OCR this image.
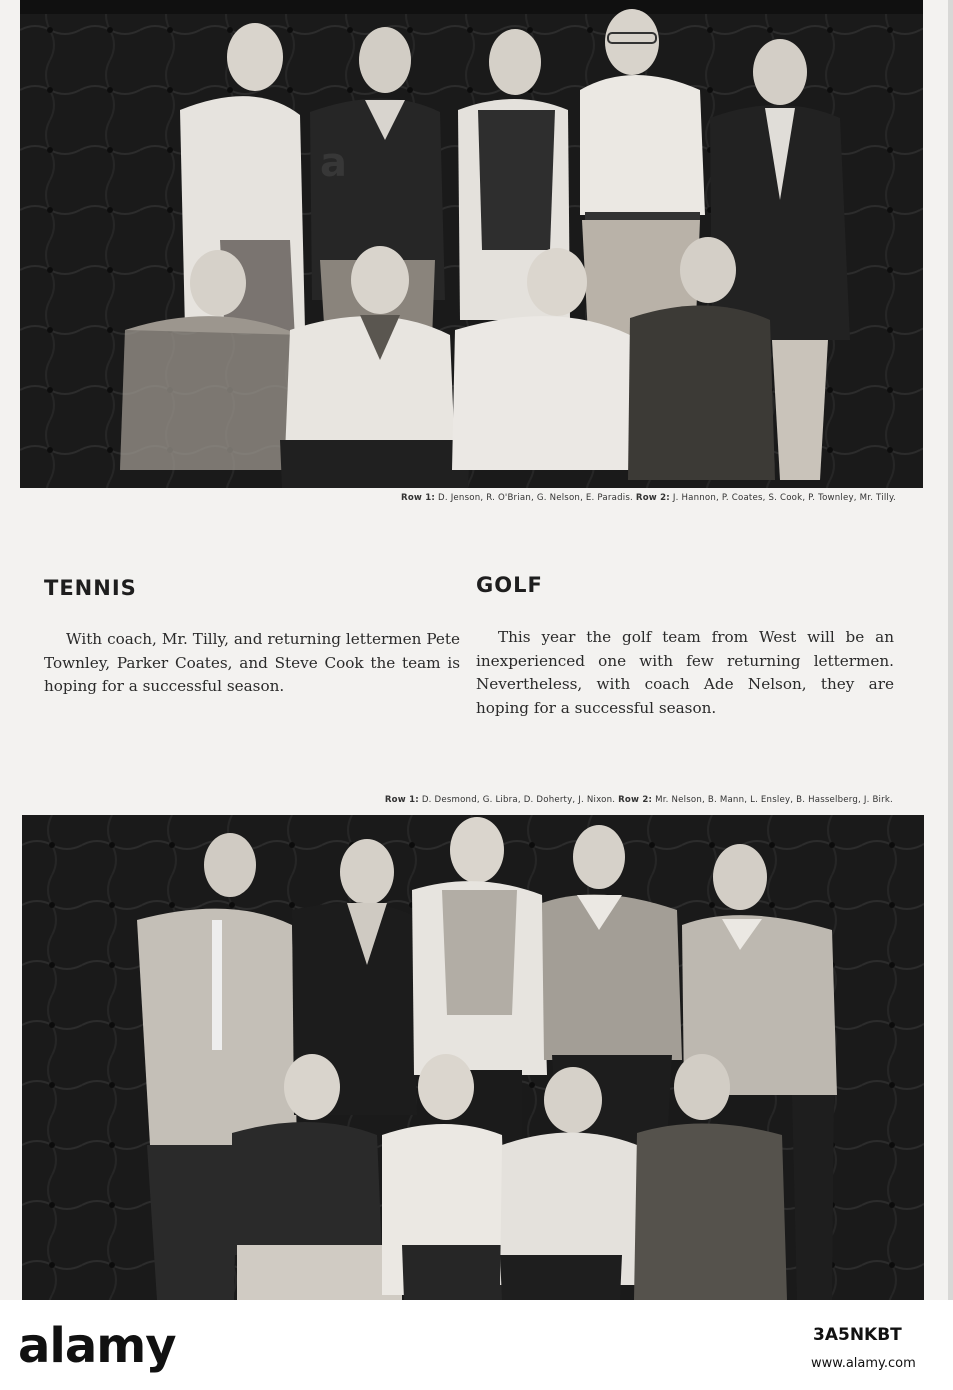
Row 1: D. Jenson, R. O'Brian, G. Nelson, E. Paradis. Row 2: J. Hannon, P. Coates, S. Cook, P. Townley, Mr. Tilly.
TENNIS	GOLF

With coach, Mr. Tilly, and returning lettermen Pete Townley, Parker Coates, and Steve Cook the team is hoping for a successful season.

This year the golf team from West will be an inexperienced one with few returning lettermen. Nevertheless, with coach Ade Nelson, they are hoping for a successful season.

Row 1: D. Desmond, G. Libra, D. Doherty, J. Nixon. Row 2: Mr. Nelson, B. Mann, L. Ensley, B. Hasselberg, J. Birk.
alamy	3A5NKBT
www.alamy.com
